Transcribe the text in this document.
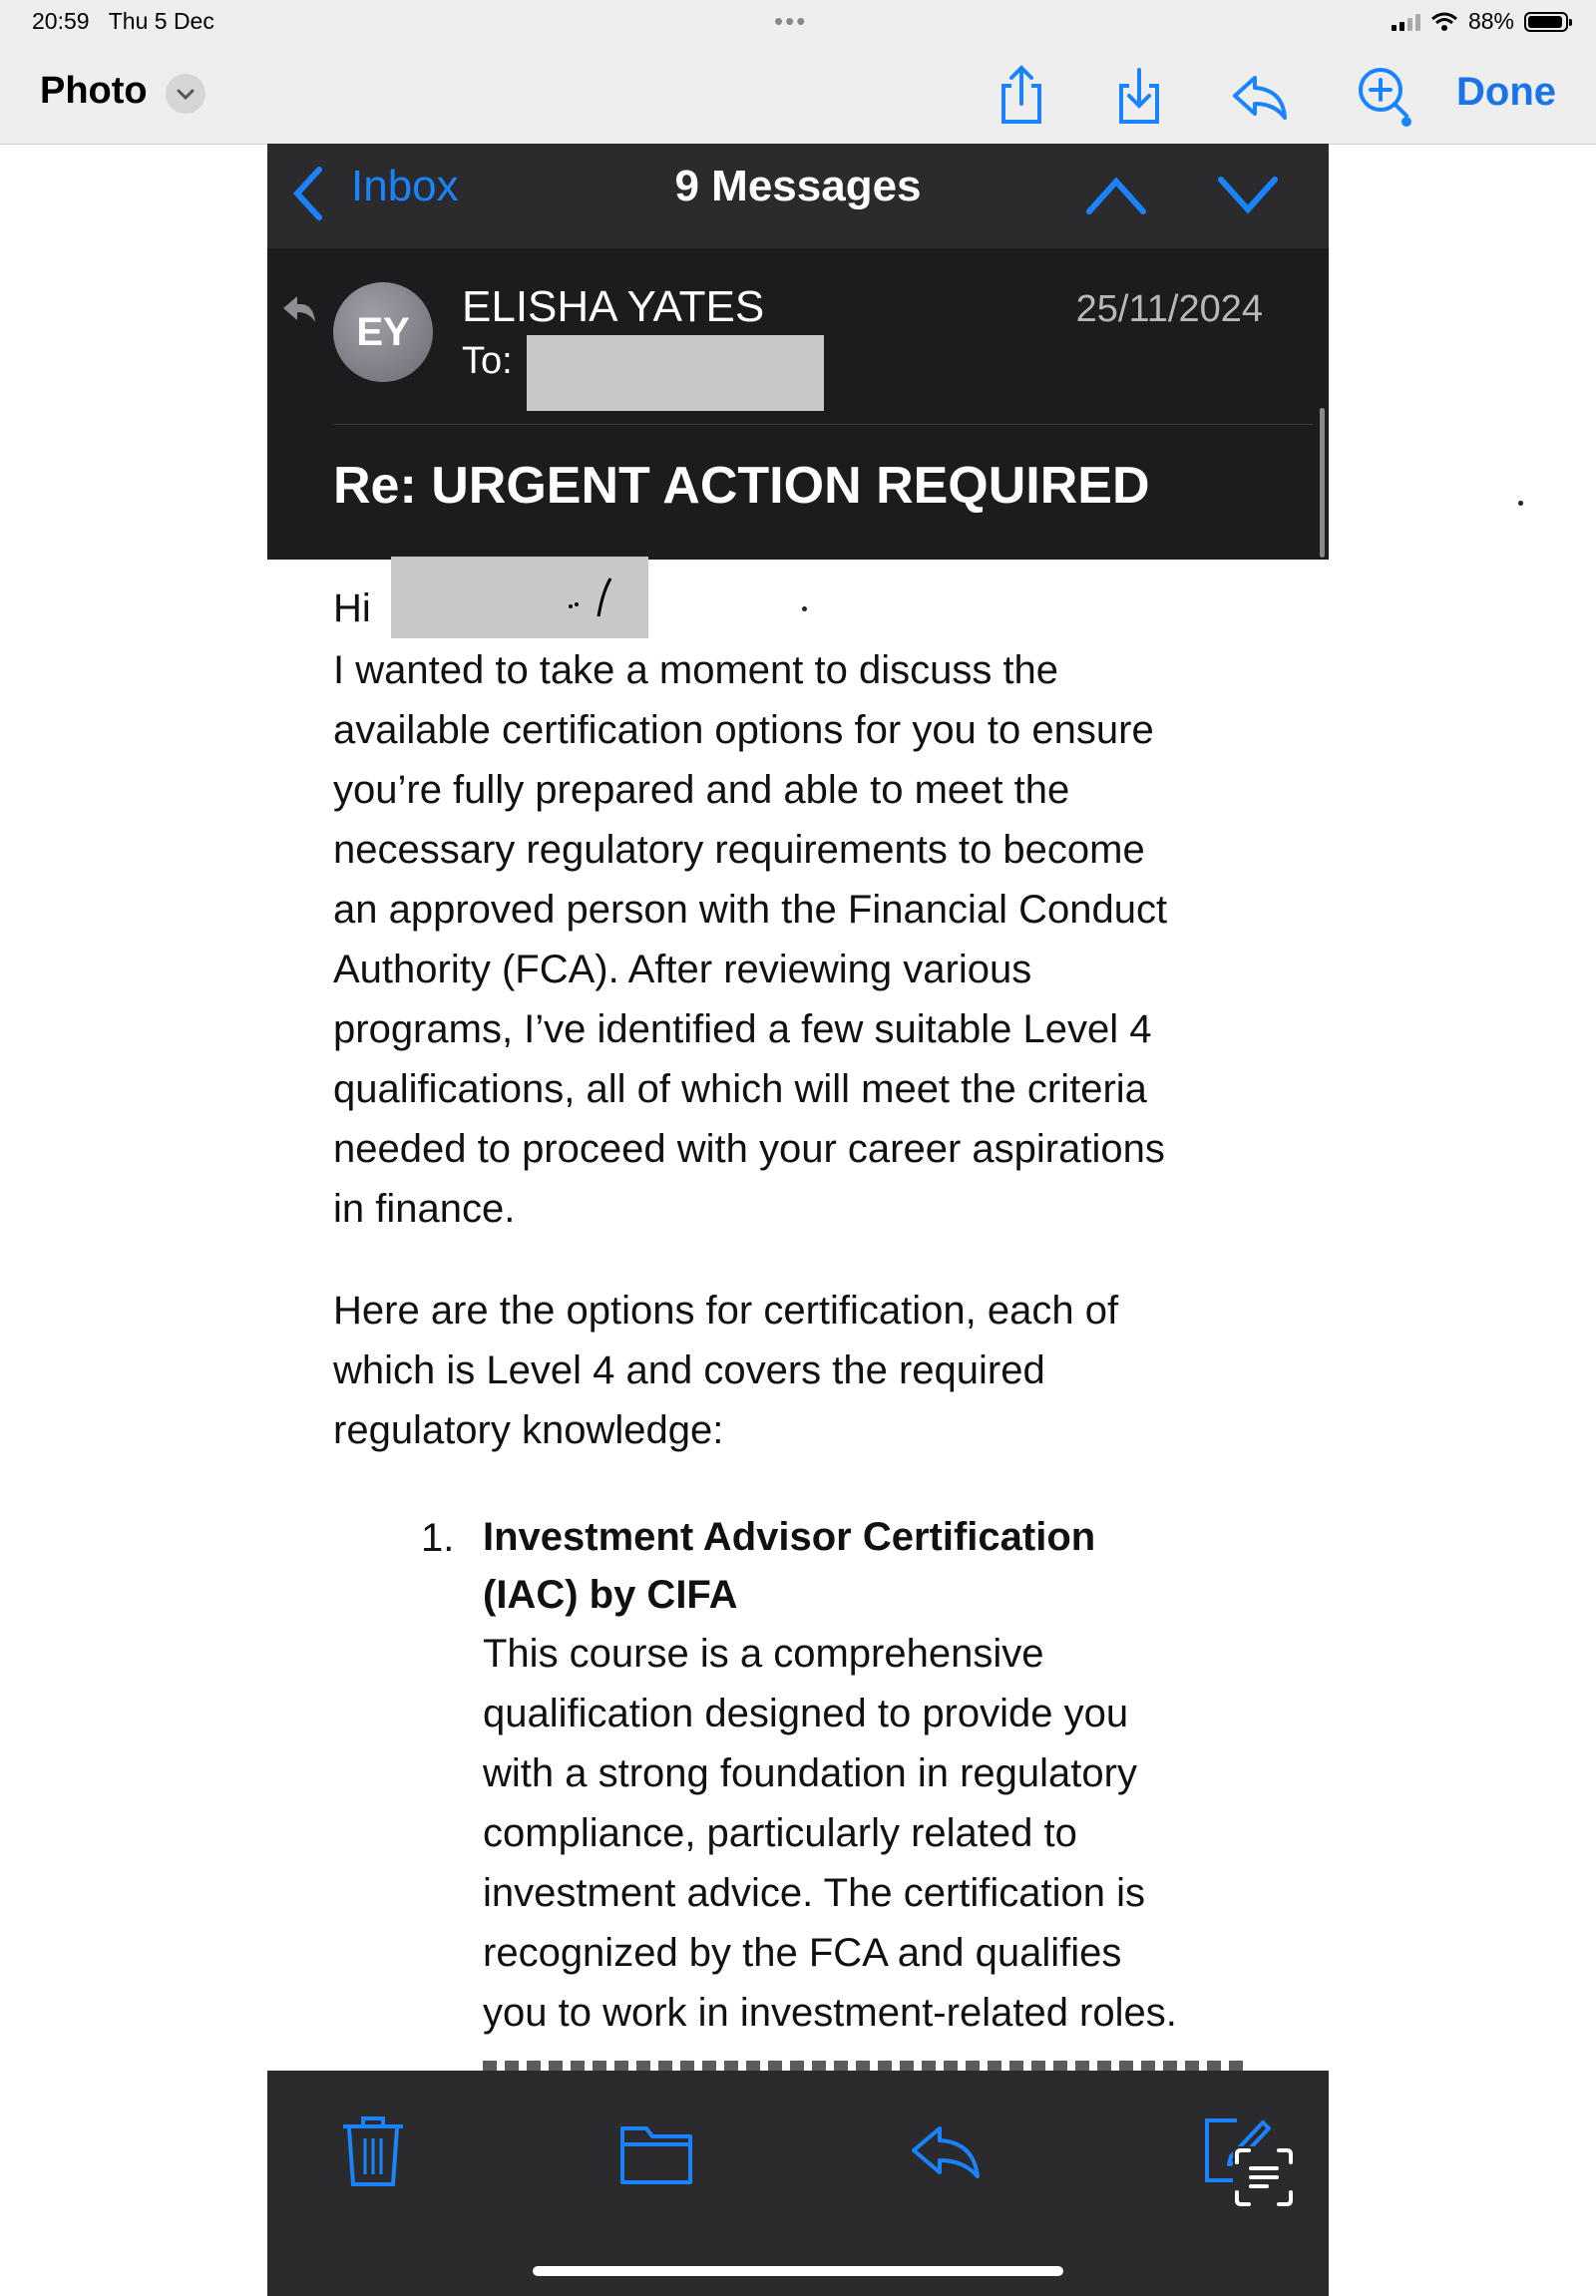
20:59 Thu 5 Dec	•••	88%
Photo	Done
Inbox	9 Messages
EY
ELISHA YATES
To:
25/11/2024
Re: URGENT ACTION REQUIRED
Hi

I wanted to take a moment to discuss the
available certification options for you to ensure
you’re fully prepared and able to meet the
necessary regulatory requirements to become
an approved person with the Financial Conduct
Authority (FCA). After reviewing various
programs, I’ve identified a few suitable Level 4
qualifications, all of which will meet the criteria
needed to proceed with your career aspirations
in finance.

Here are the options for certification, each of
which is Level 4 and covers the required
regulatory knowledge:

1. Investment Advisor Certification
(IAC) by CIFA
This course is a comprehensive
qualification designed to provide you
with a strong foundation in regulatory
compliance, particularly related to
investment advice. The certification is
recognized by the FCA and qualifies
you to work in investment-related roles.
